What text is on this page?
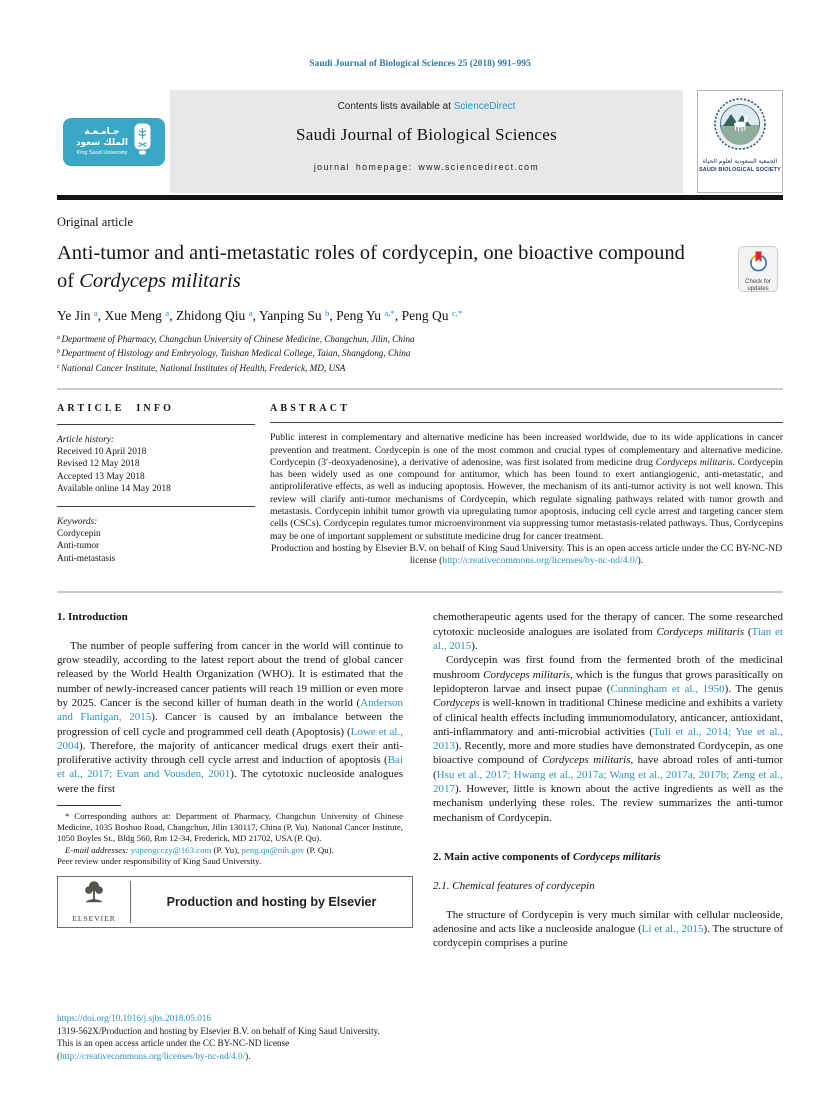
Saudi Journal of Biological Sciences 25 (2018) 991–995
جـامـعـة
الملك سعود
King Saud University
Contents lists available at ScienceDirect
Saudi Journal of Biological Sciences
journal homepage: www.sciencedirect.com
الجمعية السعودية لعلوم الحياة
SAUDI BIOLOGICAL SOCIETY
Original article
Anti-tumor and anti-metastatic roles of cordycepin, one bioactive compound of Cordyceps militaris	Check for updates
Ye Jin $^a$, Xue Meng $^a$, Zhidong Qiu $^a$, Yanping Su $^b$, Peng Yu $^{a,*}$, Peng Qu $^{c,*}$
$^a$ Department of Pharmacy, Changchun University of Chinese Medicine, Changchun, Jilin, China
$^b$ Department of Histology and Embryology, Taishan Medical College, Taian, Shangdong, China
$^c$ National Cancer Institute, National Institutes of Health, Frederick, MD, USA
ARTICLE INFO
Article history:
Received 10 April 2018
Revised 12 May 2018
Accepted 13 May 2018
Available online 14 May 2018
Keywords:
Cordycepin
Anti-tumor
Anti-metastasis
ABSTRACT
Public interest in complementary and alternative medicine has been increased worldwide, due to its wide applications in cancer prevention and treatment. Cordycepin is one of the most common and crucial types of complementary and alternative medicine. Cordycepin (3′-deoxyadenosine), a derivative of adenosine, was first isolated from medicine drug Cordyceps militaris. Cordycepin has been widely used as one compound for antitumor, which has been found to exert antiangiogenic, anti-metastatic, and antiproliferative effects, as well as inducing apoptosis. However, the mechanism of its anti-tumor activity is not well known. This review will clarify anti-tumor mechanisms of Cordycepin, which regulate signaling pathways related with tumor growth and metastasis. Cordycepin inhibit tumor growth via upregulating tumor apoptosis, inducing cell cycle arrest and targeting cancer stem cells (CSCs). Cordycepin regulates tumor microenvironment via suppressing tumor metastasis-related pathways. Thus, Cordycepins may be one of important supplement or substitute medicine drug for cancer treatment.
Production and hosting by Elsevier B.V. on behalf of King Saud University. This is an open access article under the CC BY-NC-ND license (http://creativecommons.org/licenses/by-nc-nd/4.0/).
1. Introduction

The number of people suffering from cancer in the world will continue to grow steadily, according to the latest report about the trend of global cancer released by the World Health Organization (WHO). It is estimated that the number of newly-increased cancer patients will reach 19 million or even more by 2025. Cancer is the second killer of human death in the world (Anderson and Flanigan, 2015). Cancer is caused by an imbalance between the progression of cell cycle and programmed cell death (Apoptosis) (Lowe et al., 2004). Therefore, the majority of anticancer medical drugs exert their anti-proliferative activity through cell cycle arrest and induction of apoptosis (Bai et al., 2017; Evan and Vousden, 2001). The cytotoxic nucleoside analogues were the first

* Corresponding authors at: Department of Pharmacy, Changchun University of Chinese Medicine, 1035 Boshuo Road, Changchun, Jilin 130117, China (P. Yu). National Cancer Institute, 1050 Boyles St., Bldg 560, Rm 12-34, Frederick, MD 21702, USA (P. Qu).

E-mail addresses: yupengcczy@163.com (P. Yu), peng.qu@nih.gov (P. Qu).

Peer review under responsibility of King Saud University.

ELSEVIER
Production and hosting by Elsevier

chemotherapeutic agents used for the therapy of cancer. The some researched cytotoxic nucleoside analogues are isolated from Cordyceps militaris (Tian et al., 2015).

Cordycepin was first found from the fermented broth of the medicinal mushroom Cordyceps militaris, which is the fungus that grows parasitically on lepidopteron larvae and insect pupae (Cunningham et al., 1950). The genus Cordyceps is well-known in traditional Chinese medicine and exhibits a variety of clinical health effects including immunomodulatory, anticancer, antioxidant, anti-inflammatory and anti-microbial activities (Tuli et al., 2014; Yue et al., 2013). Recently, more and more studies have demonstrated Cordycepin, as one bioactive compound of Cordyceps militaris, have abroad roles of anti-tumor (Hsu et al., 2017; Hwang et al., 2017a; Wang et al., 2017a, 2017b; Zeng et al., 2017). However, little is known about the active ingredients as well as the mechanism underlying these roles. The review summarizes the anti-tumor mechanism of Cordycepin.

2. Main active components of Cordyceps militaris
2.1. Chemical features of cordycepin

The structure of Cordycepin is very much similar with cellular nucleoside, adenosine and acts like a nucleoside analogue (Li et al., 2015). The structure of cordycepin comprises a purine

https://doi.org/10.1016/j.sjbs.2018.05.016
1319-562X/Production and hosting by Elsevier B.V. on behalf of King Saud University.
This is an open access article under the CC BY-NC-ND license (http://creativecommons.org/licenses/by-nc-nd/4.0/).
